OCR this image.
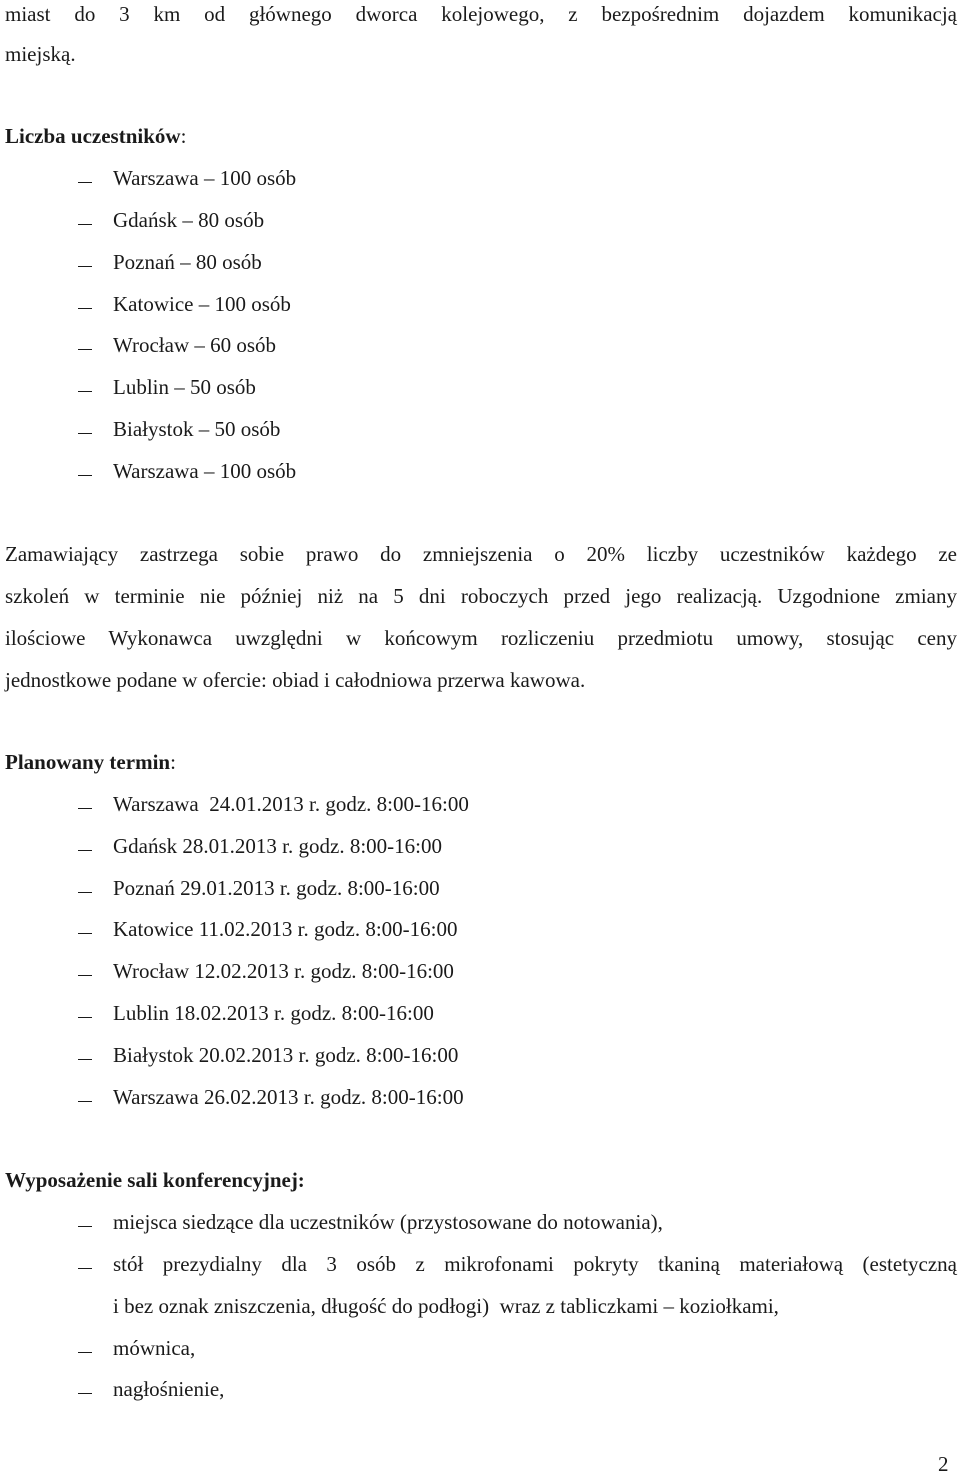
miast do 3 km od głównego dworca kolejowego, z bezpośrednim dojazdem komunikacją
miejską.
Liczba uczestników:
Warszawa – 100 osób
Gdańsk – 80 osób
Poznań – 80 osób
Katowice – 100 osób
Wrocław – 60 osób
Lublin – 50 osób
Białystok – 50 osób
Warszawa – 100 osób
Zamawiający zastrzega sobie prawo do zmniejszenia o 20% liczby uczestników każdego ze
szkoleń w terminie nie później niż na 5 dni roboczych przed jego realizacją. Uzgodnione zmiany
ilościowe Wykonawca uwzględni w końcowym rozliczeniu przedmiotu umowy, stosując ceny
jednostkowe podane w ofercie: obiad i całodniowa przerwa kawowa.
Planowany termin:
Warszawa  24.01.2013 r. godz. 8:00-16:00
Gdańsk 28.01.2013 r. godz. 8:00-16:00
Poznań 29.01.2013 r. godz. 8:00-16:00
Katowice 11.02.2013 r. godz. 8:00-16:00
Wrocław 12.02.2013 r. godz. 8:00-16:00
Lublin 18.02.2013 r. godz. 8:00-16:00
Białystok 20.02.2013 r. godz. 8:00-16:00
Warszawa 26.02.2013 r. godz. 8:00-16:00
Wyposażenie sali konferencyjnej:
miejsca siedzące dla uczestników (przystosowane do notowania),
stół prezydialny dla 3 osób z mikrofonami pokryty tkaniną materiałową (estetyczną
i bez oznak zniszczenia, długość do podłogi)  wraz z tabliczkami – koziołkami,
mównica,
nagłośnienie,
2
